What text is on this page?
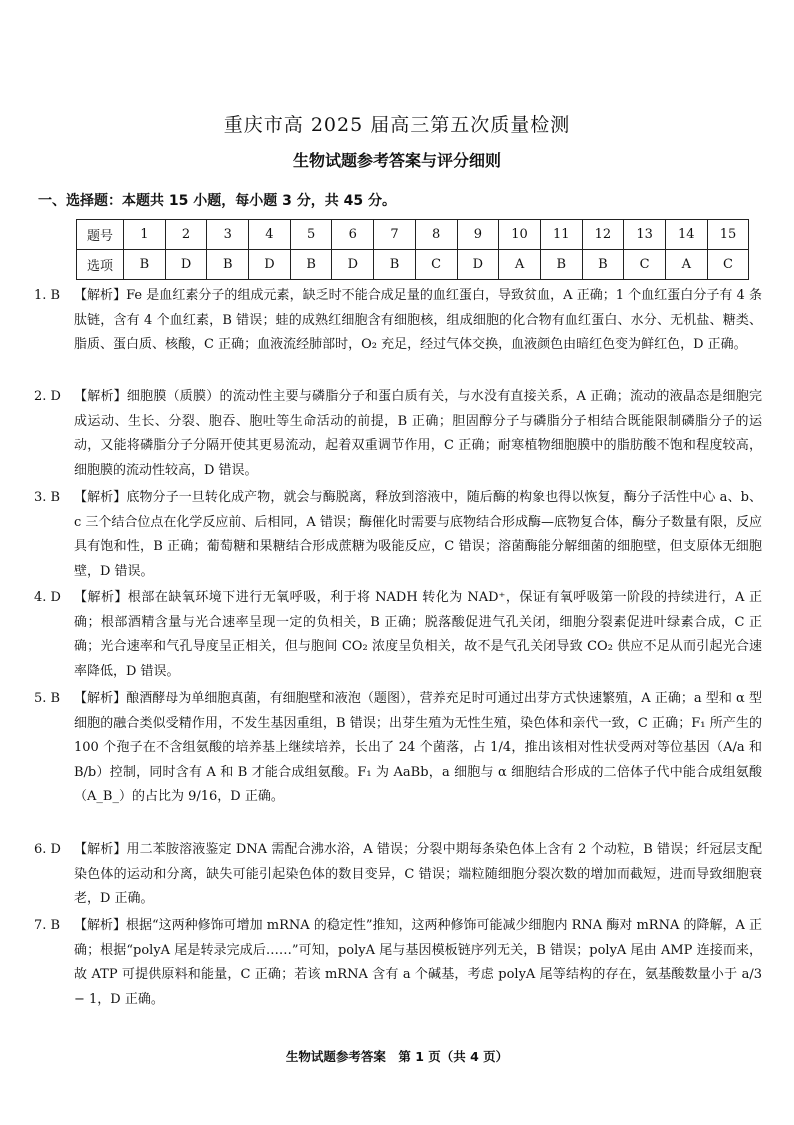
重庆市高 2025 届高三第五次质量检测
生物试题参考答案与评分细则
一、选择题：本题共 15 小题，每小题 3 分，共 45 分。
题号	1	2	3	4	5	6	7	8	9	10	11	12	13	14	15
选项	B	D	B	D	B	D	B	C	D	A	B	B	C	A	C
1. B	【解析】Fe 是血红素分子的组成元素，缺乏时不能合成足量的血红蛋白，导致贫血，A 正确；1 个血红蛋白分子有 4 条肽链，含有 4 个血红素，B 错误；蛙的成熟红细胞含有细胞核，组成细胞的化合物有血红蛋白、水分、无机盐、糖类、脂质、蛋白质、核酸，C 正确；血液流经肺部时，O₂ 充足，经过气体交换，血液颜色由暗红色变为鲜红色，D 正确。
2. D	【解析】细胞膜（质膜）的流动性主要与磷脂分子和蛋白质有关，与水没有直接关系，A 正确；流动的液晶态是细胞完成运动、生长、分裂、胞吞、胞吐等生命活动的前提，B 正确；胆固醇分子与磷脂分子相结合既能限制磷脂分子的运动，又能将磷脂分子分隔开使其更易流动，起着双重调节作用，C 正确；耐寒植物细胞膜中的脂肪酸不饱和程度较高，细胞膜的流动性较高，D 错误。
3. B	【解析】底物分子一旦转化成产物，就会与酶脱离，释放到溶液中，随后酶的构象也得以恢复，酶分子活性中心 a、b、c 三个结合位点在化学反应前、后相同，A 错误；酶催化时需要与底物结合形成酶—底物复合体，酶分子数量有限，反应具有饱和性，B 正确；葡萄糖和果糖结合形成蔗糖为吸能反应，C 错误；溶菌酶能分解细菌的细胞壁，但支原体无细胞壁，D 错误。
4. D	【解析】根部在缺氧环境下进行无氧呼吸，利于将 NADH 转化为 NAD⁺，保证有氧呼吸第一阶段的持续进行，A 正确；根部酒精含量与光合速率呈现一定的负相关，B 正确；脱落酸促进气孔关闭，细胞分裂素促进叶绿素合成，C 正确；光合速率和气孔导度呈正相关，但与胞间 CO₂ 浓度呈负相关，故不是气孔关闭导致 CO₂ 供应不足从而引起光合速率降低，D 错误。
5. B	【解析】酿酒酵母为单细胞真菌，有细胞壁和液泡（题图），营养充足时可通过出芽方式快速繁殖，A 正确；a 型和 α 型细胞的融合类似受精作用，不发生基因重组，B 错误；出芽生殖为无性生殖，染色体和亲代一致，C 正确；F₁ 所产生的 100 个孢子在不含组氨酸的培养基上继续培养，长出了 24 个菌落，占 1/4，推出该相对性状受两对等位基因（A/a 和 B/b）控制，同时含有 A 和 B 才能合成组氨酸。F₁ 为 AaBb，a 细胞与 α 细胞结合形成的二倍体子代中能合成组氨酸（A_B_）的占比为 9/16，D 正确。
6. D	【解析】用二苯胺溶液鉴定 DNA 需配合沸水浴，A 错误；分裂中期每条染色体上含有 2 个动粒，B 错误；纤冠层支配染色体的运动和分离，缺失可能引起染色体的数目变异，C 错误；端粒随细胞分裂次数的增加而截短，进而导致细胞衰老，D 正确。
7. B	【解析】根据“这两种修饰可增加 mRNA 的稳定性”推知，这两种修饰可能减少细胞内 RNA 酶对 mRNA 的降解，A 正确；根据“polyA 尾是转录完成后……”可知，polyA 尾与基因模板链序列无关，B 错误；polyA 尾由 AMP 连接而来，故 ATP 可提供原料和能量，C 正确；若该 mRNA 含有 a 个碱基，考虑 polyA 尾等结构的存在，氨基酸数量小于 a/3 − 1，D 正确。
生物试题参考答案　第 1 页（共 4 页）
